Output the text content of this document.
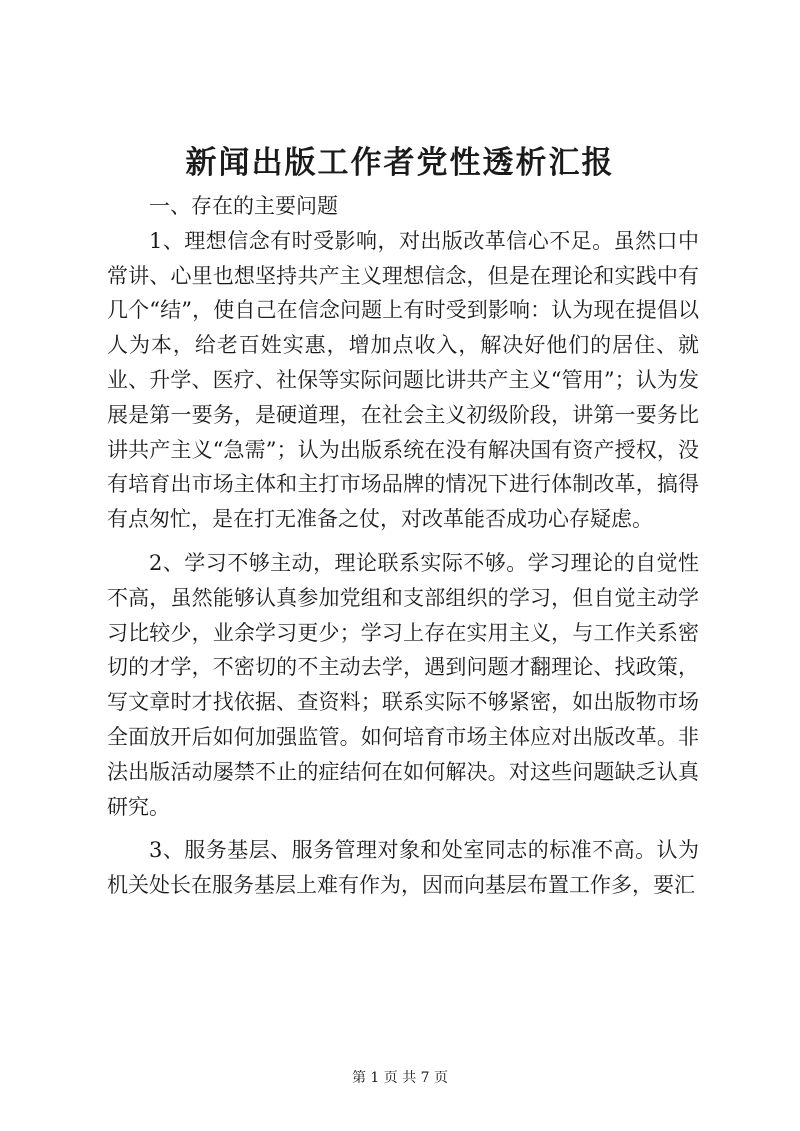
新闻出版工作者党性透析汇报

一、存在的主要问题

1、理想信念有时受影响，对出版改革信心不足。虽然口中常讲、心里也想坚持共产主义理想信念，但是在理论和实践中有几个“结”，使自己在信念问题上有时受到影响：认为现在提倡以人为本，给老百姓实惠，增加点收入，解决好他们的居住、就业、升学、医疗、社保等实际问题比讲共产主义“管用”；认为发展是第一要务，是硬道理，在社会主义初级阶段，讲第一要务比讲共产主义“急需”；认为出版系统在没有解决国有资产授权，没有培育出市场主体和主打市场品牌的情况下进行体制改革，搞得有点匆忙，是在打无准备之仗，对改革能否成功心存疑虑。

2、学习不够主动，理论联系实际不够。学习理论的自觉性不高，虽然能够认真参加党组和支部组织的学习，但自觉主动学习比较少，业余学习更少；学习上存在实用主义，与工作关系密切的才学，不密切的不主动去学，遇到问题才翻理论、找政策，写文章时才找依据、查资料；联系实际不够紧密，如出版物市场全面放开后如何加强监管。如何培育市场主体应对出版改革。非法出版活动屡禁不止的症结何在如何解决。对这些问题缺乏认真研究。

3、服务基层、服务管理对象和处室同志的标准不高。认为机关处长在服务基层上难有作为，因而向基层布置工作多，要汇

第 1 页 共 7 页
